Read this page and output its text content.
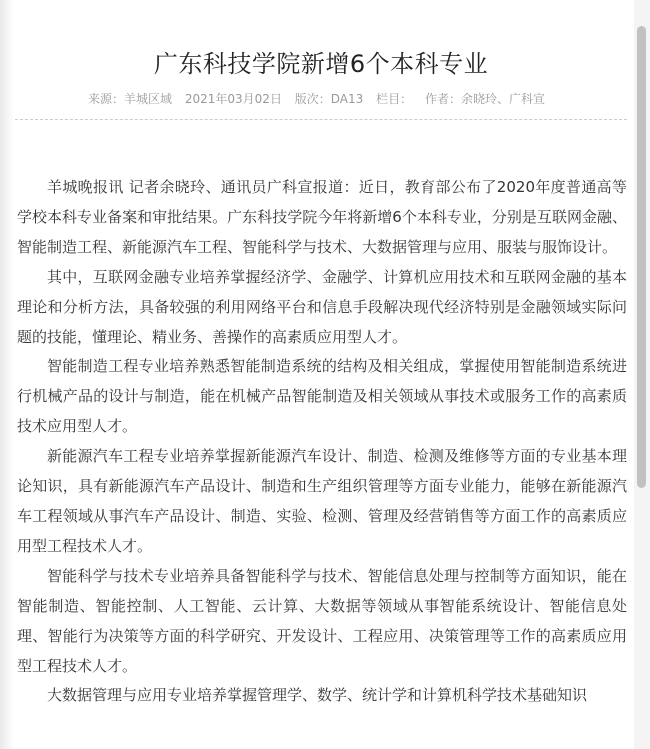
广东科技学院新增6个本科专业
来源：羊城区域 2021年03月02日 版次：DA13 栏目： 作者：余晓玲、广科宣

羊城晚报讯 记者余晓玲、通讯员广科宣报道：近日，教育部公布了2020年度普通高等学校本科专业备案和审批结果。广东科技学院今年将新增6个本科专业，分别是互联网金融、智能制造工程、新能源汽车工程、智能科学与技术、大数据管理与应用、服装与服饰设计。

其中，互联网金融专业培养掌握经济学、金融学、计算机应用技术和互联网金融的基本理论和分析方法，具备较强的利用网络平台和信息手段解决现代经济特别是金融领域实际问题的技能，懂理论、精业务、善操作的高素质应用型人才。

智能制造工程专业培养熟悉智能制造系统的结构及相关组成，掌握使用智能制造系统进行机械产品的设计与制造，能在机械产品智能制造及相关领域从事技术或服务工作的高素质技术应用型人才。

新能源汽车工程专业培养掌握新能源汽车设计、制造、检测及维修等方面的专业基本理论知识，具有新能源汽车产品设计、制造和生产组织管理等方面专业能力，能够在新能源汽车工程领域从事汽车产品设计、制造、实验、检测、管理及经营销售等方面工作的高素质应用型工程技术人才。

智能科学与技术专业培养具备智能科学与技术、智能信息处理与控制等方面知识，能在智能制造、智能控制、人工智能、云计算、大数据等领域从事智能系统设计、智能信息处理、智能行为决策等方面的科学研究、开发设计、工程应用、决策管理等工作的高素质应用型工程技术人才。

大数据管理与应用专业培养掌握管理学、数学、统计学和计算机科学技术基础知识
